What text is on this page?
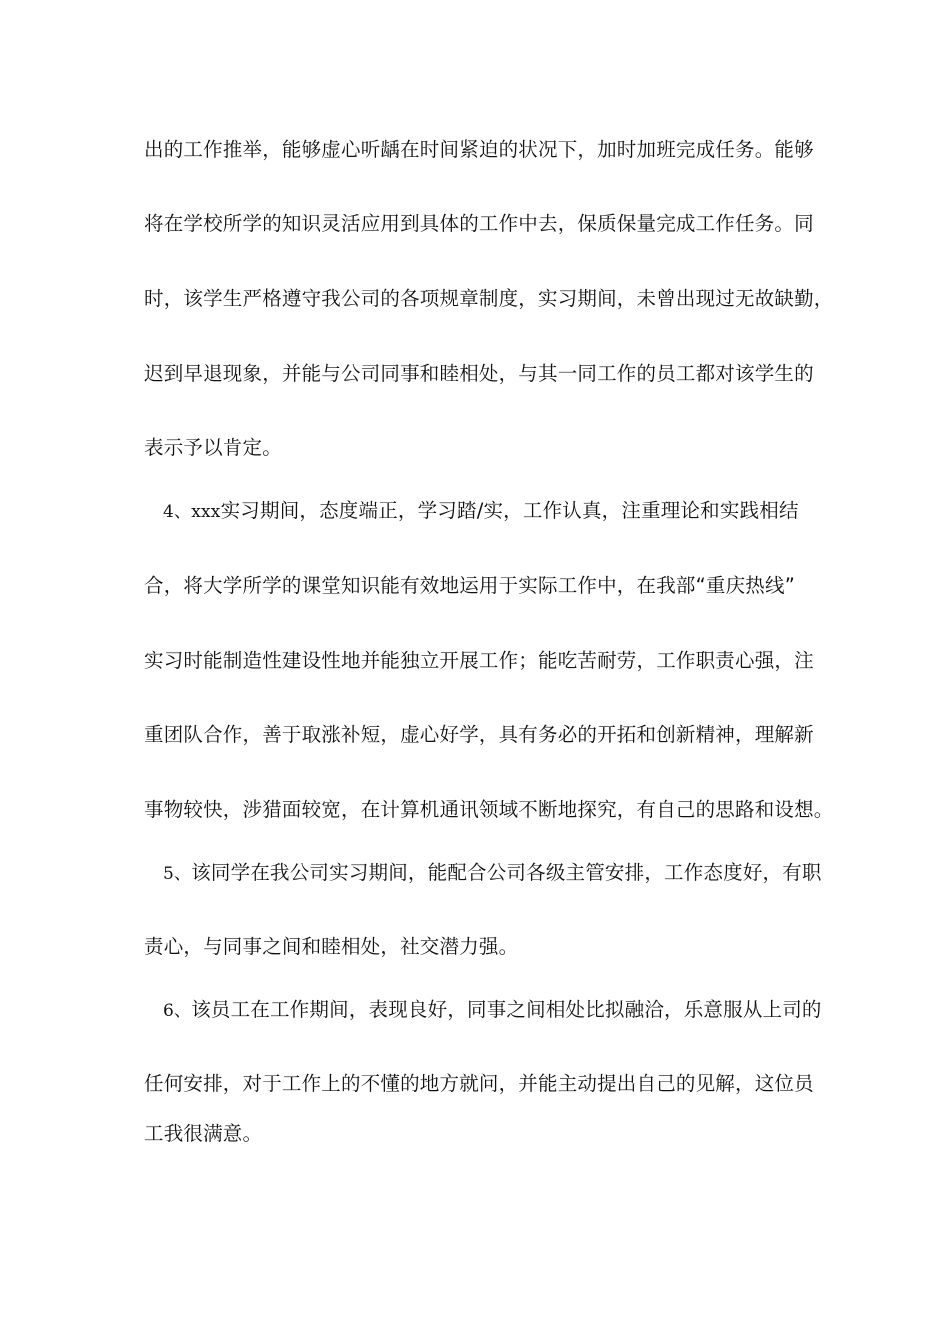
出的工作推举，能够虚心听龋在时间紧迫的状况下，加时加班完成任务。能够
将在学校所学的知识灵活应用到具体的工作中去，保质保量完成工作任务。同
时，该学生严格遵守我公司的各项规章制度，实习期间，未曾出现过无故缺勤，
迟到早退现象，并能与公司同事和睦相处，与其一同工作的员工都对该学生的
表示予以肯定。
4、xxx实习期间，态度端正，学习踏/实，工作认真，注重理论和实践相结
合，将大学所学的课堂知识能有效地运用于实际工作中，在我部“重庆热线”
实习时能制造性建设性地并能独立开展工作；能吃苦耐劳，工作职责心强，注
重团队合作，善于取涨补短，虚心好学，具有务必的开拓和创新精神，理解新
事物较快，涉猎面较宽，在计算机通讯领域不断地探究，有自己的思路和设想。
5、该同学在我公司实习期间，能配合公司各级主管安排，工作态度好，有职
责心，与同事之间和睦相处，社交潜力强。
6、该员工在工作期间，表现良好，同事之间相处比拟融洽，乐意服从上司的
任何安排，对于工作上的不懂的地方就问，并能主动提出自己的见解，这位员
工我很满意。
